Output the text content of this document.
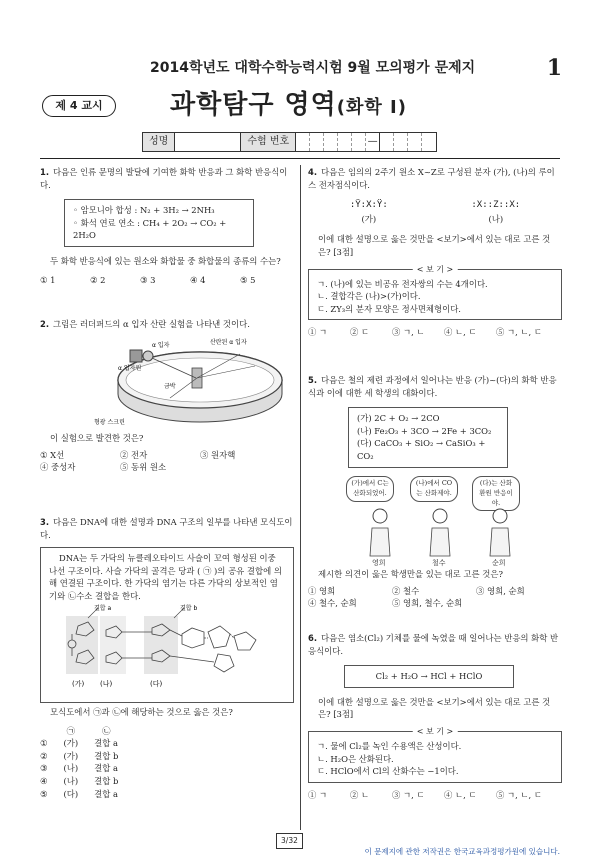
2014학년도 대학수학능력시험 9월 모의평가 문제지	1
제 4 교시	과학탐구 영역(화학 I)
성명	수험 번호	—
1. 다음은 인류 문명의 발달에 기여한 화학 반응과 그 화학 반응식이다.
◦ 암모니아 합성 : N₂ + 3H₂ → 2NH₃
◦ 화석 연료 연소 : CH₄ + 2O₂ → CO₂ + 2H₂O
두 화학 반응식에 있는 원소와 화합물 중 화합물의 종류의 수는?
① 1	② 2	③ 3	④ 4	⑤ 5
2. 그림은 러더퍼드의 α 입자 산란 실험을 나타낸 것이다.
α 입자
α 입자원
산란된 α 입자
금박
형광 스크린
이 실험으로 발견한 것은?
① X선	② 전자	③ 원자핵
④ 중성자	⑤ 동위 원소
3. 다음은 DNA에 대한 설명과 DNA 구조의 일부를 나타낸 모식도이다.
DNA는 두 가닥의 뉴클레오타이드 사슬이 꼬여 형성된 이중 나선 구조이다. 사슬 가닥의 골격은 당과 ( ㉠ )의 공유 결합에 의해 연결된 구조이다. 한 가닥의 염기는 다른 가닥의 상보적인 염기와 ㉡수소 결합을 한다.
결합 a	결합 b
(가) (나)	(다)
모식도에서 ㉠과 ㉡에 해당하는 것으로 옳은 것은?
	㉠	㉡
①	(가)	결합 a
②	(가)	결합 b
③	(나)	결합 a
④	(나)	결합 b
⑤	(다)	결합 a
4. 다음은 임의의 2주기 원소 X~Z로 구성된 분자 (가), (나)의 루이스 전자점식이다.
:Ÿ:X:Ÿ:
(가)
:X::Z::X:
(나)
이에 대한 설명으로 옳은 것만을 <보기>에서 있는 대로 고른 것은? [3점]
< 보 기 >
ㄱ. (나)에 있는 비공유 전자쌍의 수는 4개이다.
ㄴ. 결합각은 (나)>(가)이다.
ㄷ. ZY₃의 분자 모양은 정사면체형이다.
① ㄱ	② ㄷ	③ ㄱ, ㄴ	④ ㄴ, ㄷ	⑤ ㄱ, ㄴ, ㄷ
5. 다음은 철의 제련 과정에서 일어나는 반응 (가)~(다)의 화학 반응식과 이에 대한 세 학생의 대화이다.
(가) 2C + O₂ → 2CO
(나) Fe₂O₃ + 3CO → 2Fe + 3CO₂
(다) CaCO₃ + SiO₂ → CaSiO₃ + CO₂
(가)에서 C는 산화되었어.
(나)에서 CO는 산화제야.
(다)는 산화 환원 반응이야.
영희	철수	순희
제시한 의견이 옳은 학생만을 있는 대로 고른 것은?
① 영희	② 철수	③ 영희, 순희
④ 철수, 순희	⑤ 영희, 철수, 순희
6. 다음은 염소(Cl₂) 기체를 물에 녹였을 때 일어나는 반응의 화학 반응식이다.
Cl₂ + H₂O → HCl + HClO
이에 대한 설명으로 옳은 것만을 <보기>에서 있는 대로 고른 것은? [3점]
< 보 기 >
ㄱ. 물에 Cl₂를 녹인 수용액은 산성이다.
ㄴ. H₂O은 산화된다.
ㄷ. HClO에서 Cl의 산화수는 −1이다.
① ㄱ	② ㄴ	③ ㄱ, ㄷ	④ ㄴ, ㄷ	⑤ ㄱ, ㄴ, ㄷ
3/32
이 문제지에 관한 저작권은 한국교육과정평가원에 있습니다.
